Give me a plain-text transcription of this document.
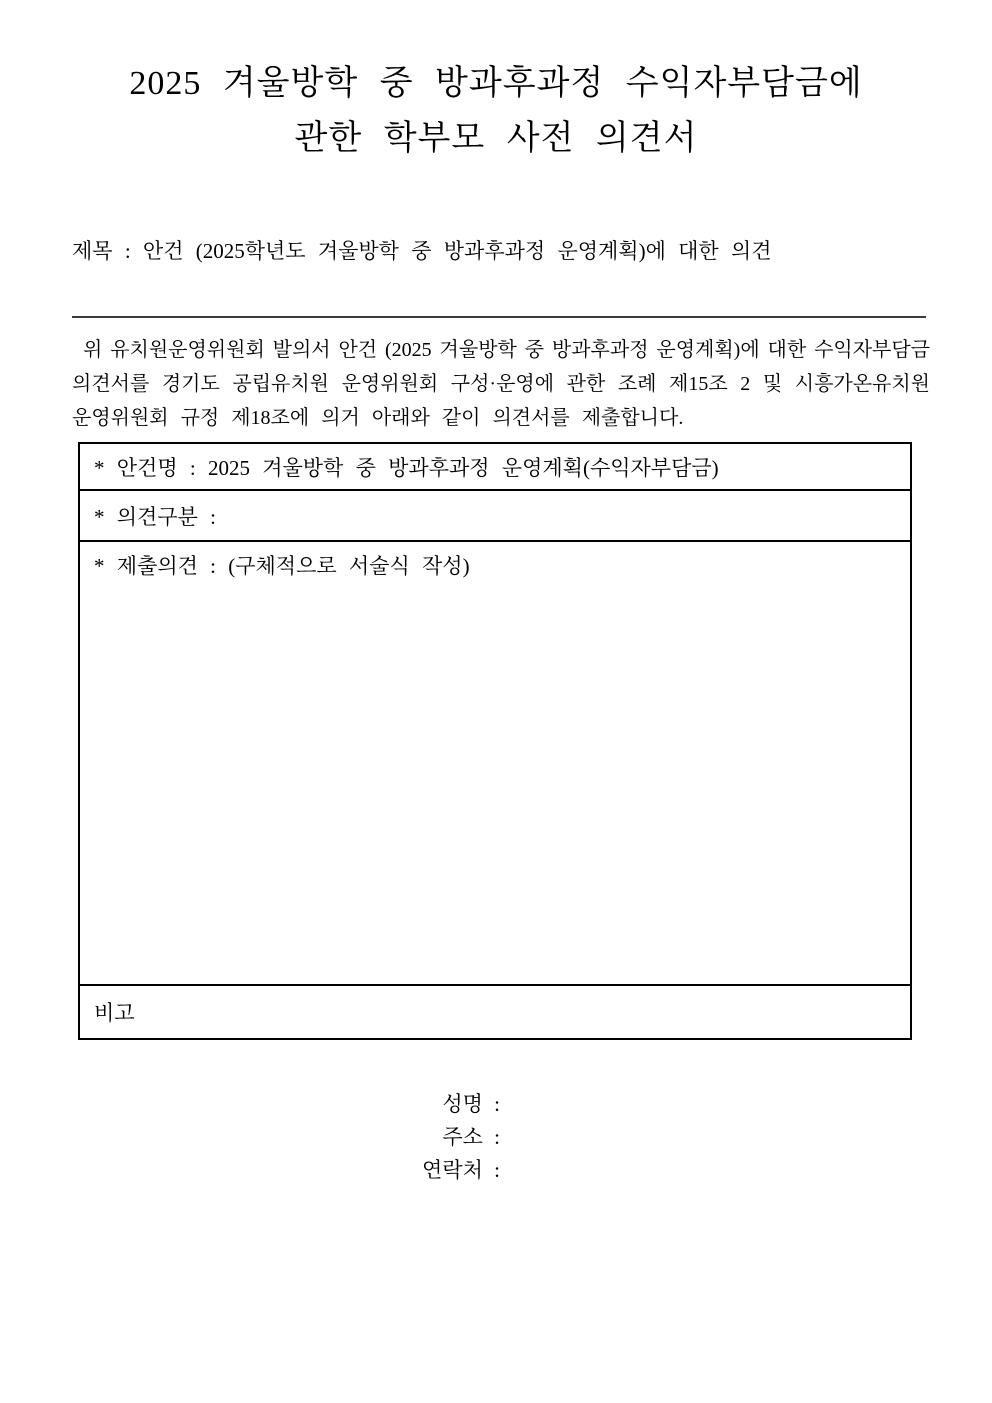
2025 겨울방학 중 방과후과정 수익자부담금에
관한 학부모 사전 의견서
제목 : 안건 (2025학년도 겨울방학 중 방과후과정 운영계획)에 대한 의견
위 유치원운영위원회 발의서 안건 (2025 겨울방학 중 방과후과정 운영계획)에 대한 수익자부담금
의견서를 경기도 공립유치원 운영위원회 구성·운영에 관한 조례 제15조 2 및 시흥가온유치원
운영위원회 규정 제18조에 의거 아래와 같이 의견서를 제출합니다.
* 안건명 : 2025 겨울방학 중 방과후과정 운영계획(수익자부담금)
* 의견구분 :
* 제출의견 : (구체적으로 서술식 작성)
비고
성명 :
주소 :
연락처 :
